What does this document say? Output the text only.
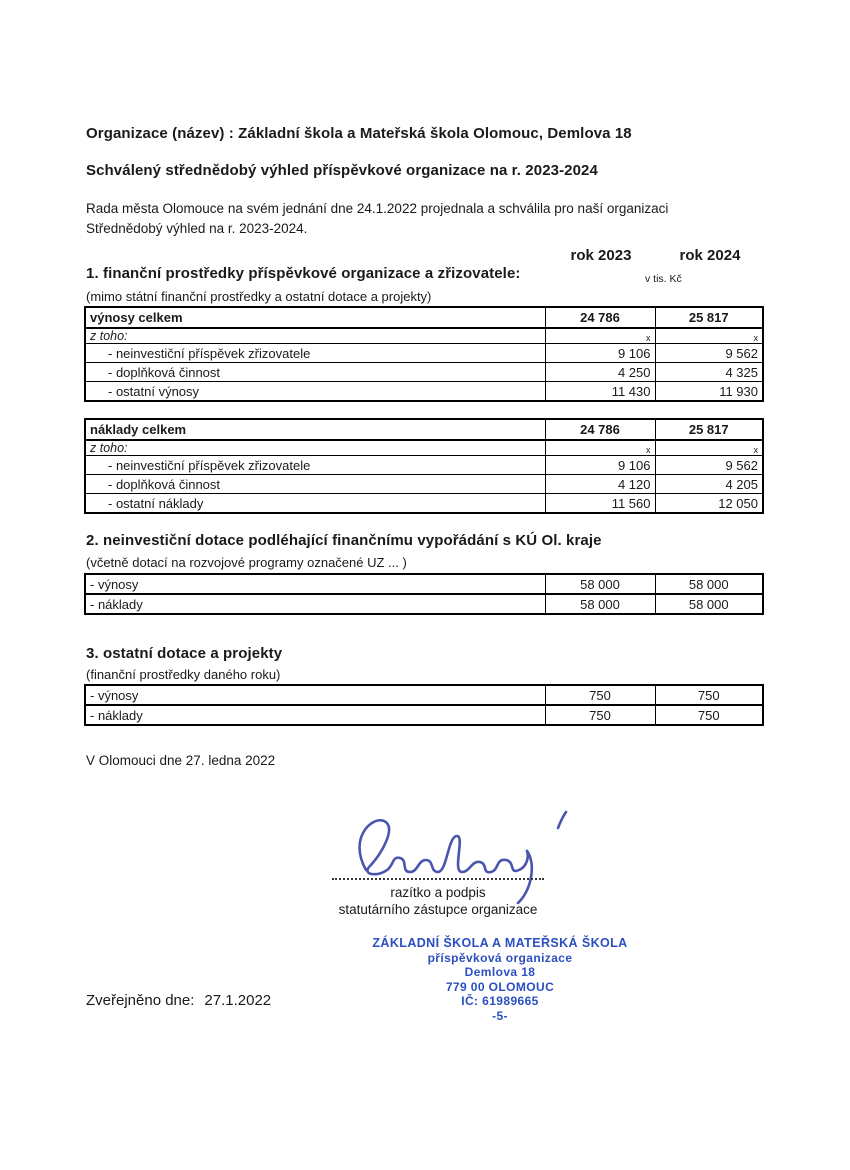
Organizace (název) : Základní škola a Mateřská škola Olomouc, Demlova 18
Schválený střednědobý výhled příspěvkové organizace na r. 2023-2024
Rada města Olomouce na svém jednání dne 24.1.2022 projednala a schválila pro naší organizaci Střednědobý výhled na r. 2023-2024.
rok 2023	rok 2024
1. finanční prostředky příspěvkové organizace a zřizovatele:	v tis. Kč
(mimo státní finanční prostředky a ostatní dotace a projekty)
výnosy celkem	24 786	25 817
z toho:	x	x
- neinvestiční příspěvek zřizovatele	9 106	9 562
- doplňková činnost	4 250	4 325
- ostatní výnosy	11 430	11 930
náklady celkem	24 786	25 817
z toho:	x	x
- neinvestiční příspěvek zřizovatele	9 106	9 562
- doplňková činnost	4 120	4 205
- ostatní náklady	11 560	12 050
2. neinvestiční dotace podléhající finančnímu vypořádání s KÚ Ol. kraje
(včetně dotací na rozvojové programy označené UZ ... )
- výnosy	58 000	58 000
- náklady	58 000	58 000
3. ostatní dotace a projekty
(finanční prostředky daného roku)
- výnosy	750	750
- náklady	750	750
V Olomouci dne 27. ledna 2022
razítko a podpis
statutárního zástupce organizace
ZÁKLADNÍ ŠKOLA A MATEŘSKÁ ŠKOLA
příspěvková organizace
Demlova 18
779 00 OLOMOUC
IČ: 61989665
-5-
Zveřejněno dne: 27.1.2022
